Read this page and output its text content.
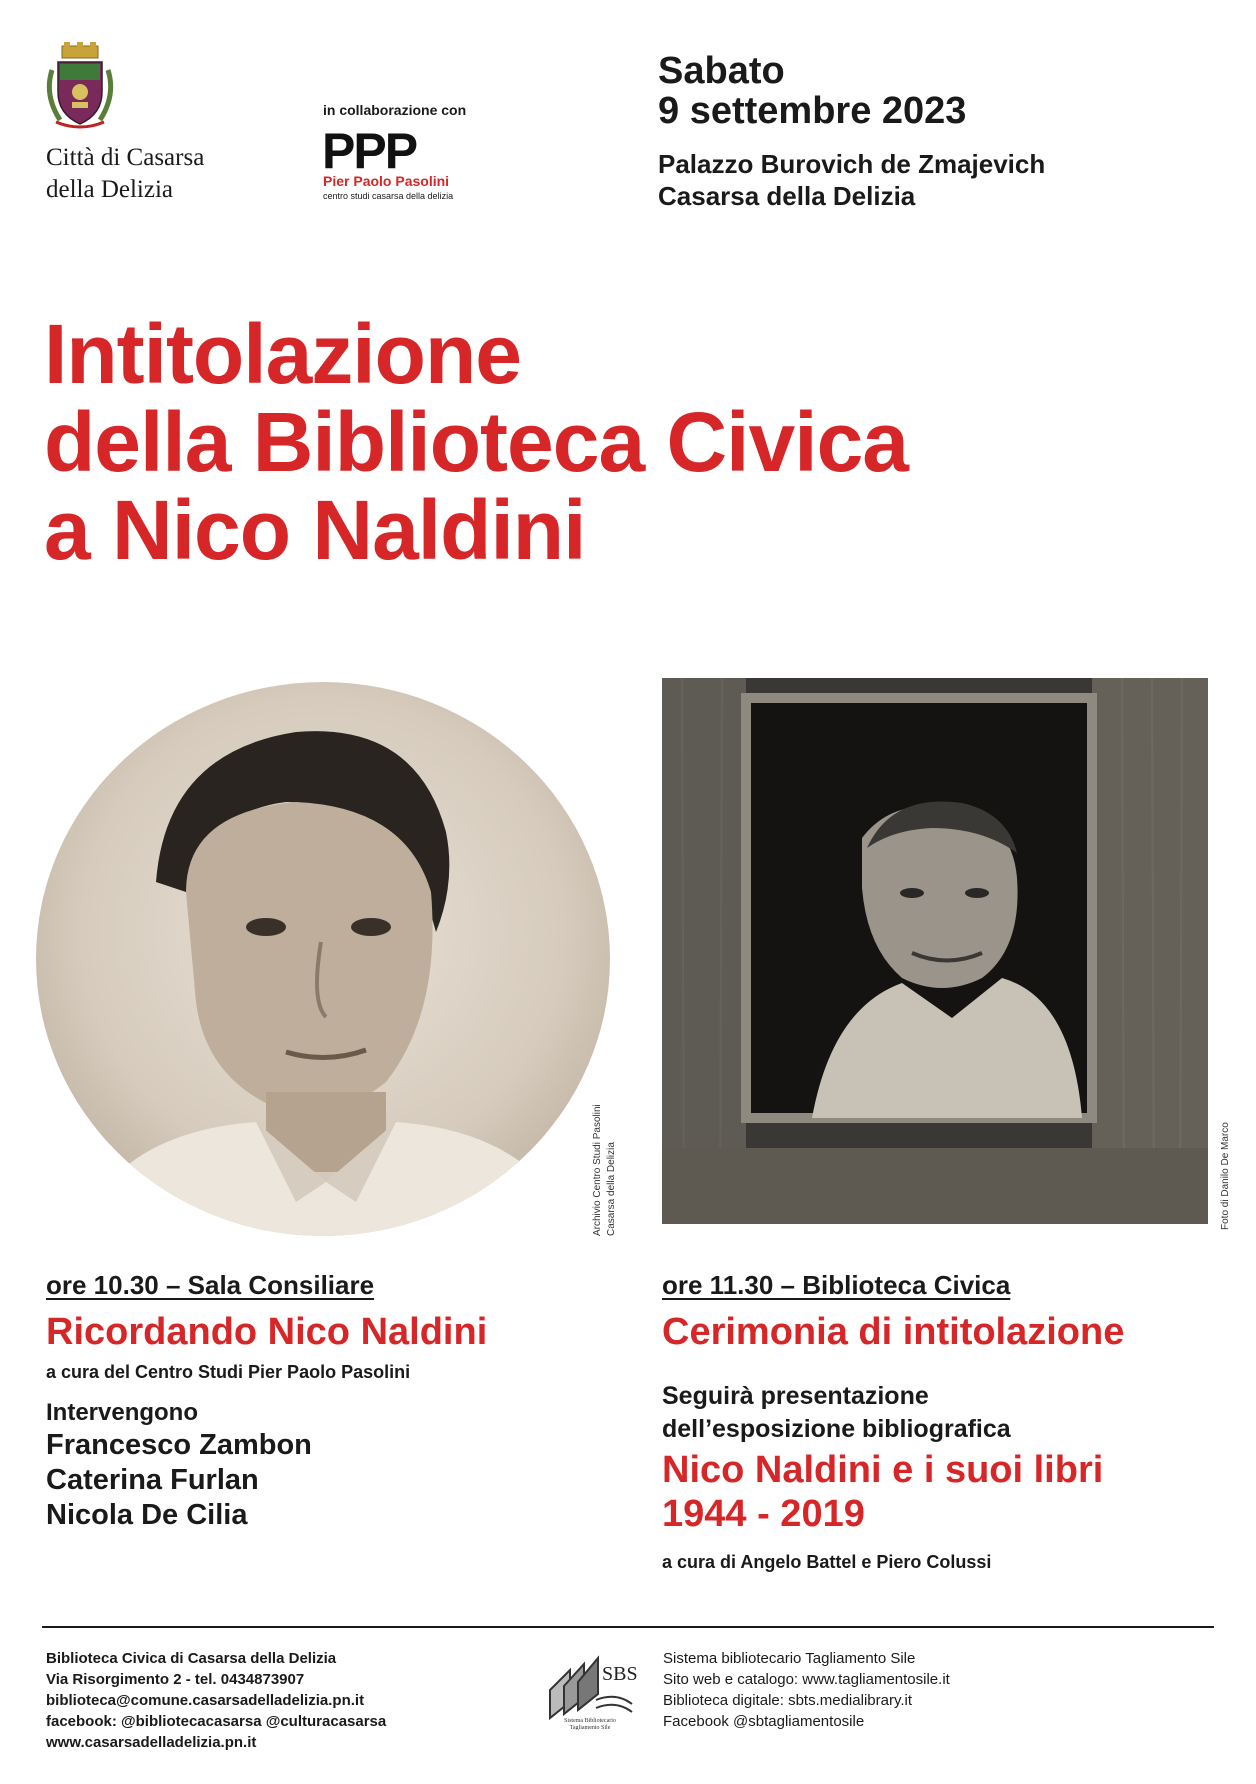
Città di Casarsa
della Delizia
in collaborazione con
PPP
Pier Paolo Pasolini
centro studi casarsa della delizia
Sabato
9 settembre 2023
Palazzo Burovich de Zmajevich
Casarsa della Delizia
Intitolazione
della Biblioteca Civica
a Nico Naldini
Archivio Centro Studi Pasolini Casarsa della Delizia	Foto di Danilo De Marco
ore 10.30 – Sala Consiliare
Ricordando Nico Naldini
a cura del Centro Studi Pier Paolo Pasolini
Intervengono
Francesco Zambon
Caterina Furlan
Nicola De Cilia
ore 11.30 – Biblioteca Civica
Cerimonia di intitolazione
Seguirà presentazione
dell’esposizione bibliografica
Nico Naldini e i suoi libri
1944 - 2019
a cura di Angelo Battel e Piero Colussi
Biblioteca Civica di Casarsa della Delizia
Via Risorgimento 2 - tel. 0434873907
biblioteca@comune.casarsadelladelizia.pn.it
facebook: @bibliotecacasarsa @culturacasarsa
www.casarsadelladelizia.pn.it
SBS
Sistema Bibliotecario
Tagliamento Sile
Sistema bibliotecario Tagliamento Sile
Sito web e catalogo: www.tagliamentosile.it
Biblioteca digitale: sbts.medialibrary.it
Facebook @sbtagliamentosile
